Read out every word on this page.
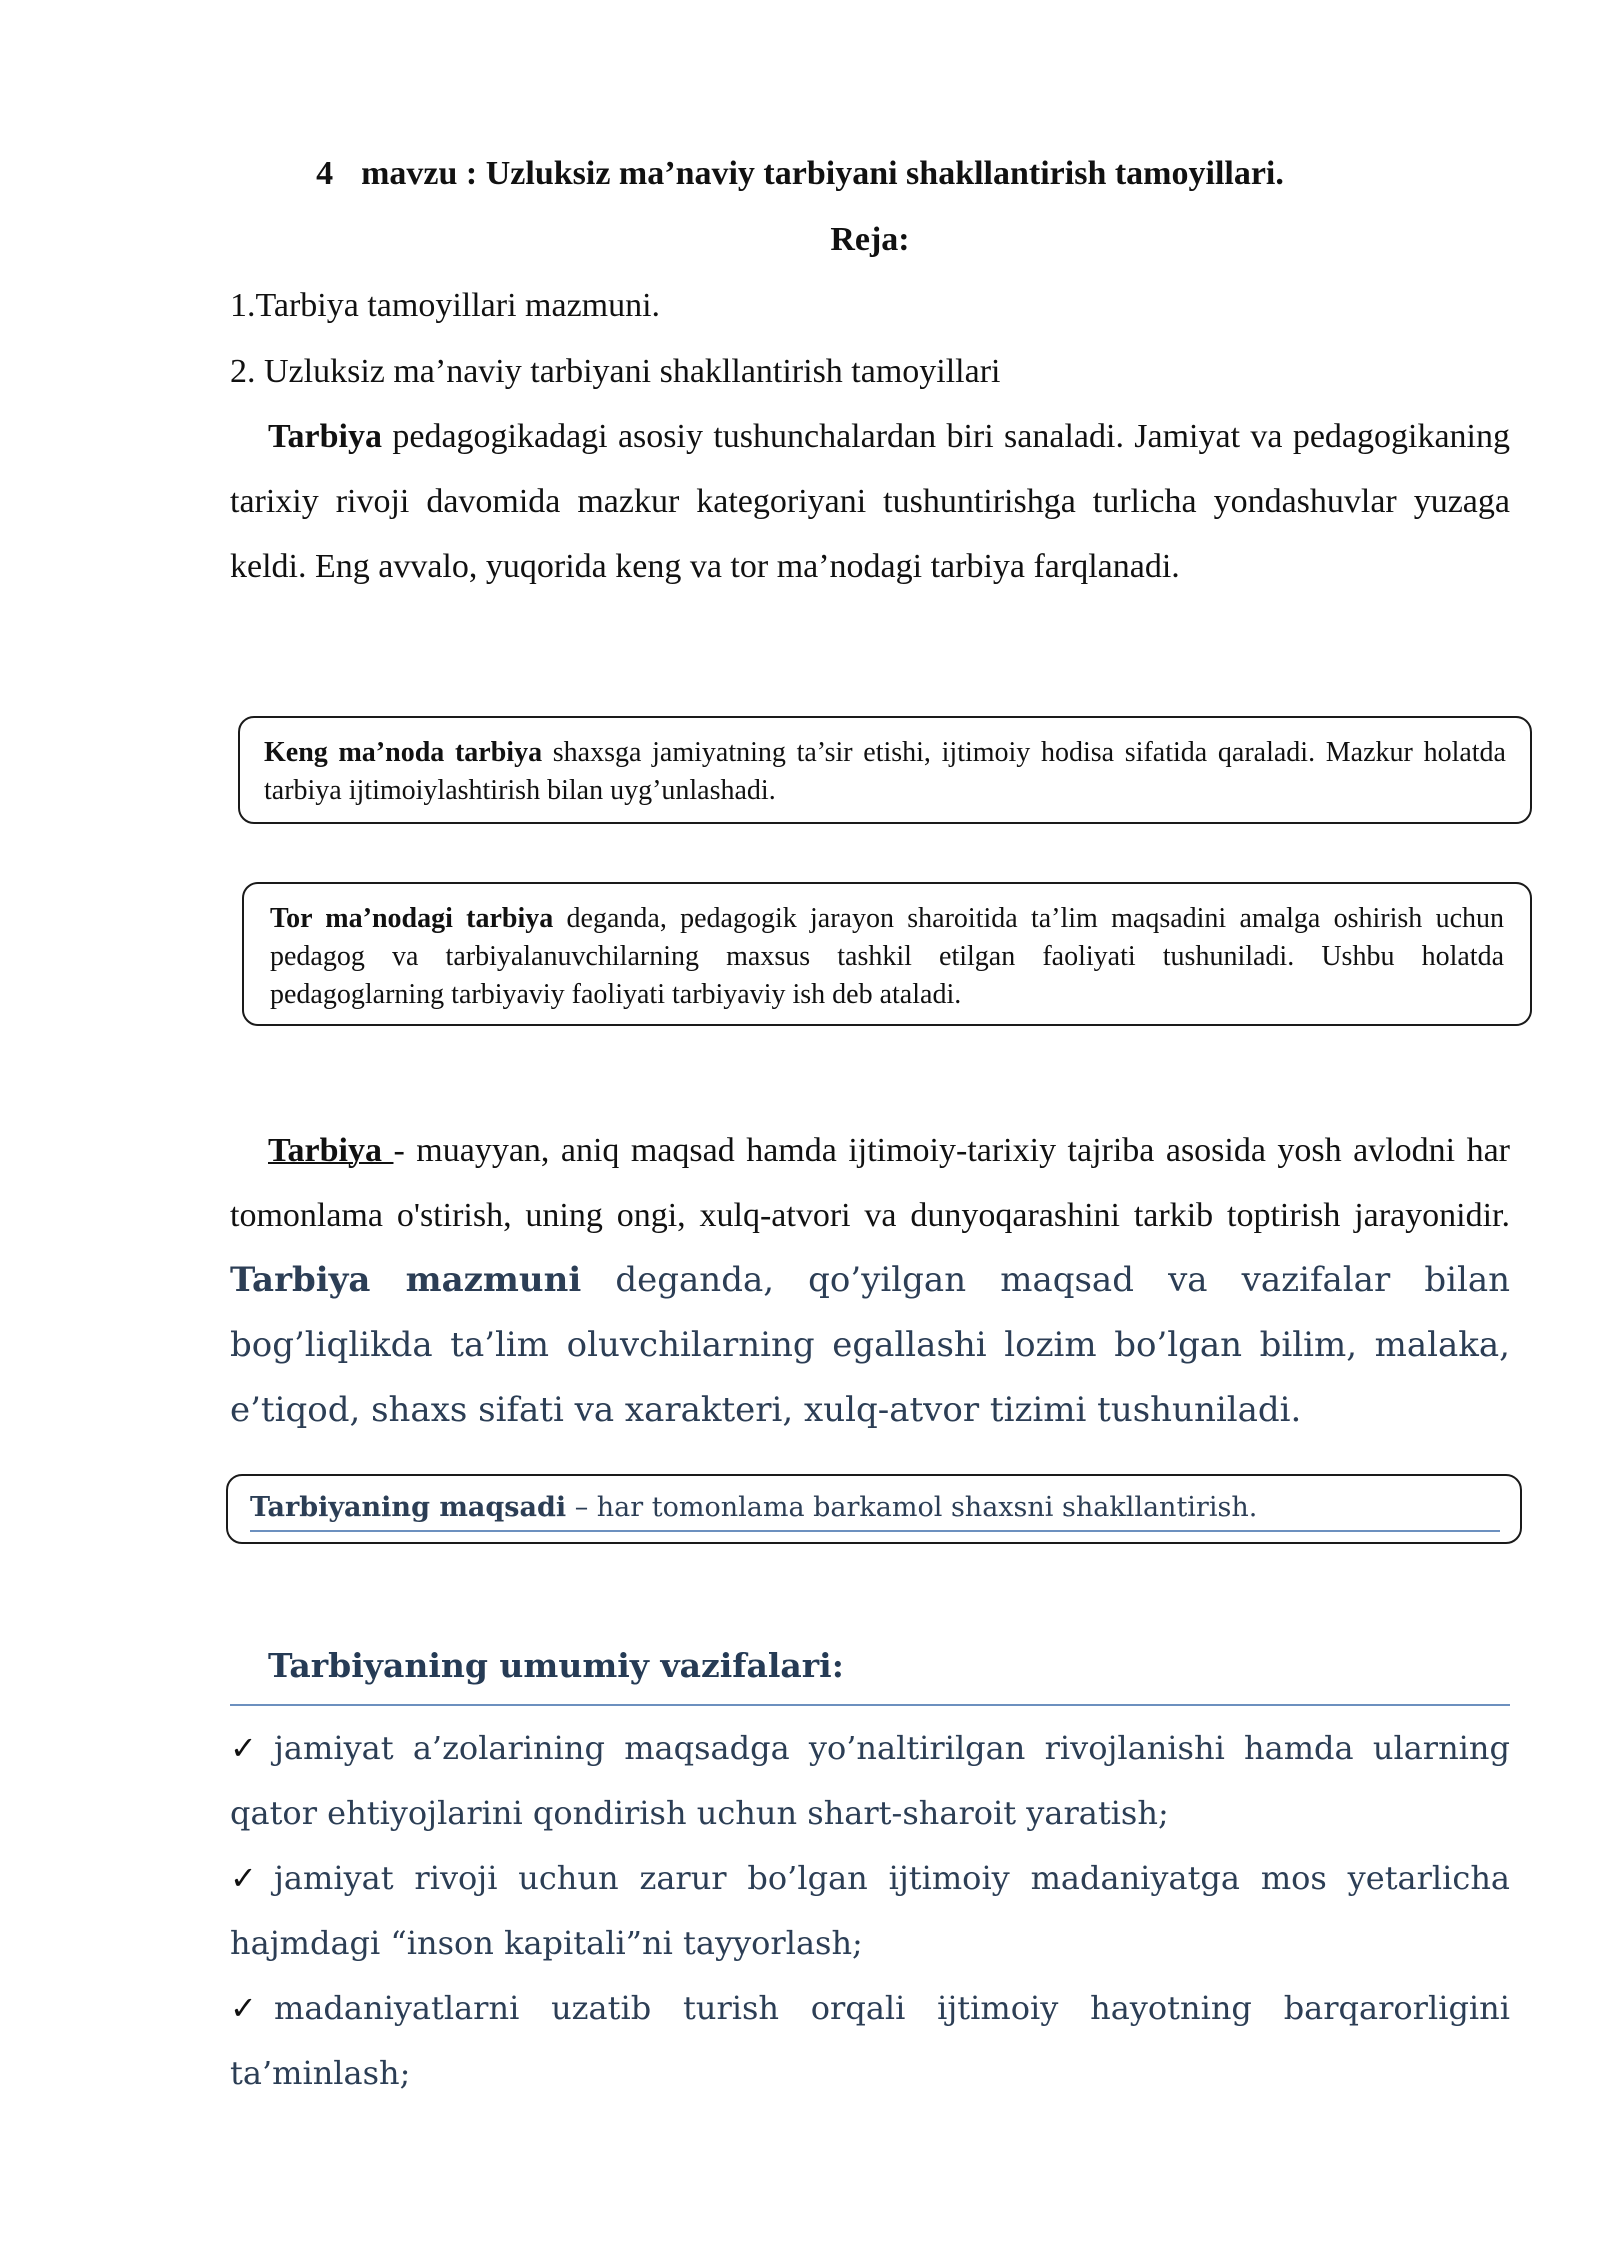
4 mavzu : Uzluksiz ma’naviy tarbiyani shakllantirish tamoyillari.
Reja:
1.Tarbiya tamoyillari mazmuni.
2. Uzluksiz ma’naviy tarbiyani shakllantirish tamoyillari
Tarbiya pedagogikadagi asosiy tushunchalardan biri sanaladi. Jamiyat va pedagogikaning tarixiy rivoji davomida mazkur kategoriyani tushuntirishga turlicha yondashuvlar yuzaga keldi. Eng avvalo, yuqorida keng va tor ma’nodagi tarbiya farqlanadi.

Keng ma’noda tarbiya shaxsga jamiyatning ta’sir etishi, ijtimoiy hodisa sifatida qaraladi. Mazkur holatda tarbiya ijtimoiylashtirish bilan uyg’unlashadi.

Tor ma’nodagi tarbiya deganda, pedagogik jarayon sharoitida ta’lim maqsadini amalga oshirish uchun pedagog va tarbiyalanuvchilarning maxsus tashkil etilgan faoliyati tushuniladi. Ushbu holatda pedagoglarning tarbiyaviy faoliyati tarbiyaviy ish deb ataladi.

Tarbiya - muayyan, aniq maqsad hamda ijtimoiy-tarixiy tajriba asosida yosh avlodni har tomonlama o'stirish, uning ongi, xulq-atvori va dunyoqarashini tarkib toptirish jarayonidir. Tarbiya mazmuni deganda, qo’yilgan maqsad va vazifalar bilan bog’liqlikda ta’lim oluvchilarning egallashi lozim bo’lgan bilim, malaka, e’tiqod, shaxs sifati va xarakteri, xulq-atvor tizimi tushuniladi.

Tarbiyaning maqsadi – har tomonlama barkamol shaxsni shakllantirish.

Tarbiyaning umumiy vazifalari:
✓ jamiyat a’zolarining maqsadga yo’naltirilgan rivojlanishi hamda ularning qator ehtiyojlarini qondirish uchun shart-sharoit yaratish;
✓ jamiyat rivoji uchun zarur bo’lgan ijtimoiy madaniyatga mos yetarlicha hajmdagi “inson kapitali”ni tayyorlash;
✓ madaniyatlarni uzatib turish orqali ijtimoiy hayotning barqarorligini ta’minlash;
